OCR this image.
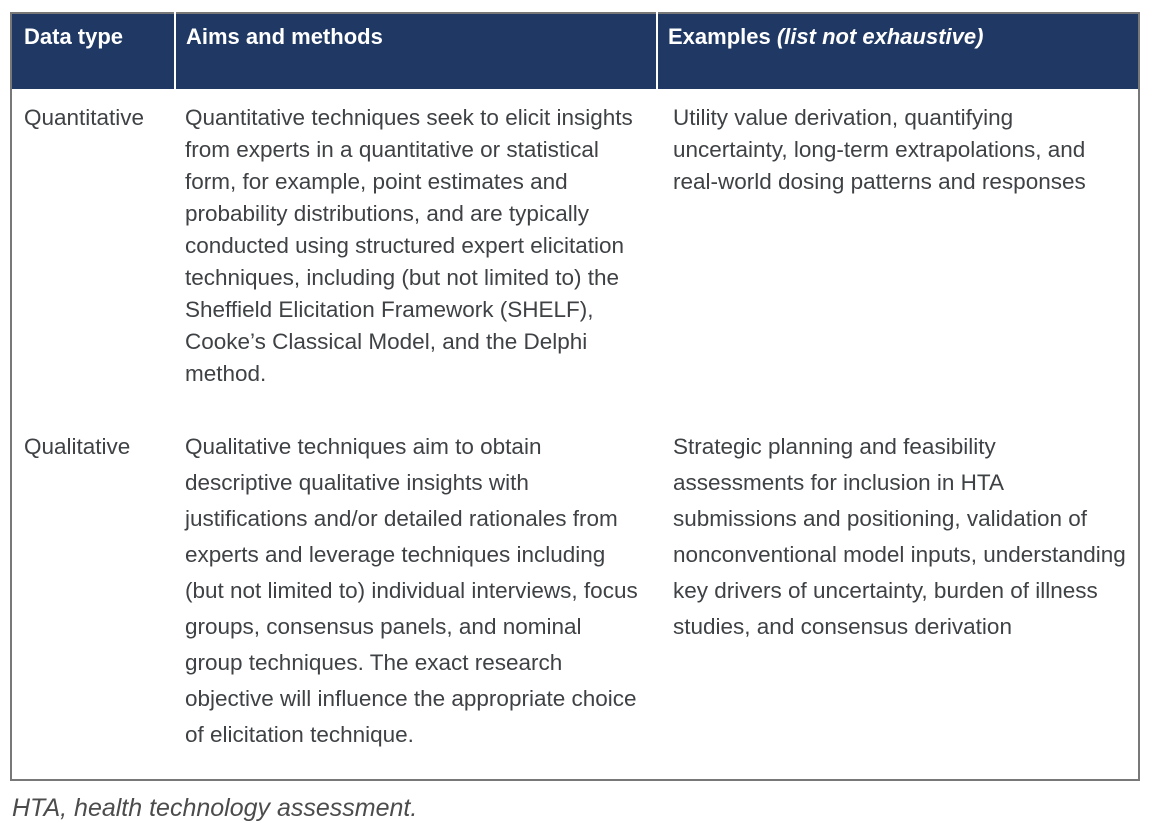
Data type	Aims and methods	Examples (list not exhaustive)
Quantitative	Quantitative techniques seek to elicit insights from experts in a quantitative or statistical form, for example, point estimates and probability distributions, and are typically conducted using structured expert elicitation techniques, including (but not limited to) the Sheffield Elicitation Framework (SHELF), Cooke’s Classical Model, and the Delphi method.	Utility value derivation, quantifying uncertainty, long-term extrapolations, and real-world dosing patterns and responses
Qualitative	Qualitative techniques aim to obtain descriptive qualitative insights with justifications and/or detailed rationales from experts and leverage techniques including (but not limited to) individual interviews, focus groups, consensus panels, and nominal group techniques. The exact research objective will influence the appropriate choice of elicitation technique.	Strategic planning and feasibility assessments for inclusion in HTA submissions and positioning, validation of nonconventional model inputs, understanding key drivers of uncertainty, burden of illness studies, and consensus derivation
HTA, health technology assessment.
